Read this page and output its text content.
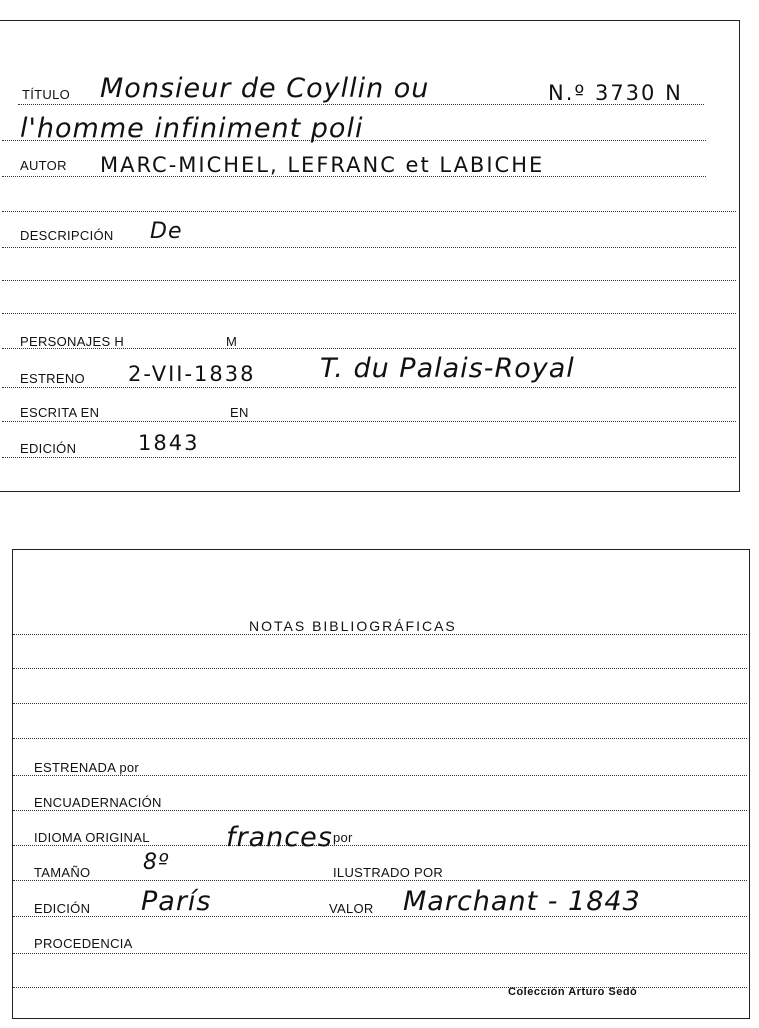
TÍTULO Monsieur de Coyllin ou	N.º 3730 N
l'homme infiniment poli
AUTOR MARC-MICHEL, LEFRANC et LABICHE
DESCRIPCIÓN De
PERSONAJES H	M
ESTRENO 2-VII-1838 T. du Palais-Royal
ESCRITA EN	EN
EDICIÓN	1843
NOTAS BIBLIOGRÁFICAS
ESTRENADA por
ENCUADERNACIÓN
IDIOMA ORIGINAL	frances por
TAMAÑO 8º	ILUSTRADO POR
EDICIÓN París	VALOR Marchant - 1843
PROCEDENCIA
Colección Arturo Sedó
